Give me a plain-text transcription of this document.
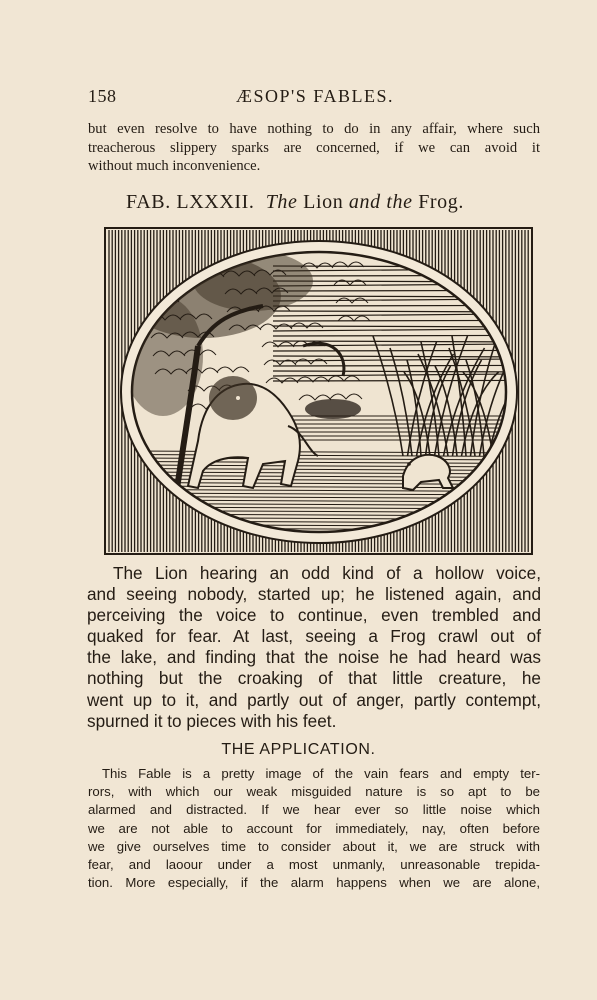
158	ÆSOP'S FABLES.
but even resolve to have nothing to do in any affair, where such
treacherous slippery sparks are concerned, if we can avoid it
without much inconvenience.
FAB. LXXXII. The Lion and the Frog.
The Lion hearing an odd kind of a hollow voice,
and seeing nobody, started up; he listened again, and
perceiving the voice to continue, even trembled and
quaked for fear. At last, seeing a Frog crawl out of
the lake, and finding that the noise he had heard was
nothing but the croaking of that little creature, he
went up to it, and partly out of anger, partly contempt,
spurned it to pieces with his feet.
THE APPLICATION.
This Fable is a pretty image of the vain fears and empty ter-
rors, with which our weak misguided nature is so apt to be
alarmed and distracted. If we hear ever so little noise which
we are not able to account for immediately, nay, often before
we give ourselves time to consider about it, we are struck with
fear, and laoour under a most unmanly, unreasonable trepida-
tion. More especially, if the alarm happens when we are alone,
